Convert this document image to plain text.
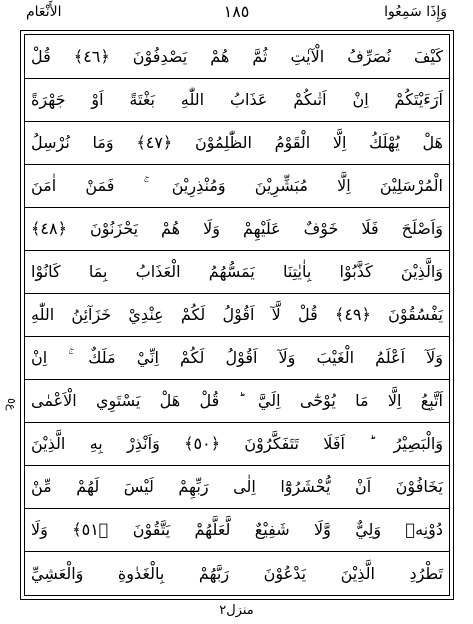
وَإِذَا سَمِعُوا
١٨٥
الأَنْعَام
ع٥
كَيْفَ نُصَرِّفُ الْآيٰتِ ثُمَّ هُمْ يَصْدِفُوْنَ ﴿٤٦﴾ قُلْ
اَرَءَيْتَكُمْ اِنْ اَتٰىكُمْ عَذَابُ اللّٰهِ بَغْتَةً اَوْ جَهْرَةً
هَلْ يُهْلَكُ اِلَّا الْقَوْمُ الظّٰلِمُوْنَ ﴿٤٧﴾ وَمَا نُرْسِلُ
الْمُرْسَلِيْنَ اِلَّا مُبَشِّرِيْنَ وَمُنْذِرِيْنَ ۚ فَمَنْ اٰمَنَ
وَاَصْلَحَ فَلَا خَوْفٌ عَلَيْهِمْ وَلَا هُمْ يَحْزَنُوْنَ ﴿٤٨﴾
وَالَّذِيْنَ كَذَّبُوْا بِاٰيٰتِنَا يَمَسُّهُمُ الْعَذَابُ بِمَا كَانُوْا
يَفْسُقُوْنَ ﴿٤٩﴾ قُلْ لَّآ اَقُوْلُ لَكُمْ عِنْدِيْ خَزَآئِنُ اللّٰهِ
وَلَآ اَعْلَمُ الْغَيْبَ وَلَآ اَقُوْلُ لَكُمْ اِنِّيْ مَلَكٌ ۚ اِنْ
اَتَّبِعُ اِلَّا مَا يُوْحٰٓى اِلَيَّ ؕ قُلْ هَلْ يَسْتَوِي الْاَعْمٰى
وَالْبَصِيْرُ ؕ اَفَلَا تَتَفَكَّرُوْنَ ﴿٥٠﴾ وَاَنْذِرْ بِهِ الَّذِيْنَ
يَخَافُوْنَ اَنْ يُّحْشَرُوْٓا اِلٰى رَبِّهِمْ لَيْسَ لَهُمْ مِّنْ
دُوْنِهٖ وَلِيٌّ وَّلَا شَفِيْعٌ لَّعَلَّهُمْ يَتَّقُوْنَ ﴿٥١﴾ وَلَا
تَطْرُدِ الَّذِيْنَ يَدْعُوْنَ رَبَّهُمْ بِالْغَدٰوةِ وَالْعَشِيِّ
منزل٢
